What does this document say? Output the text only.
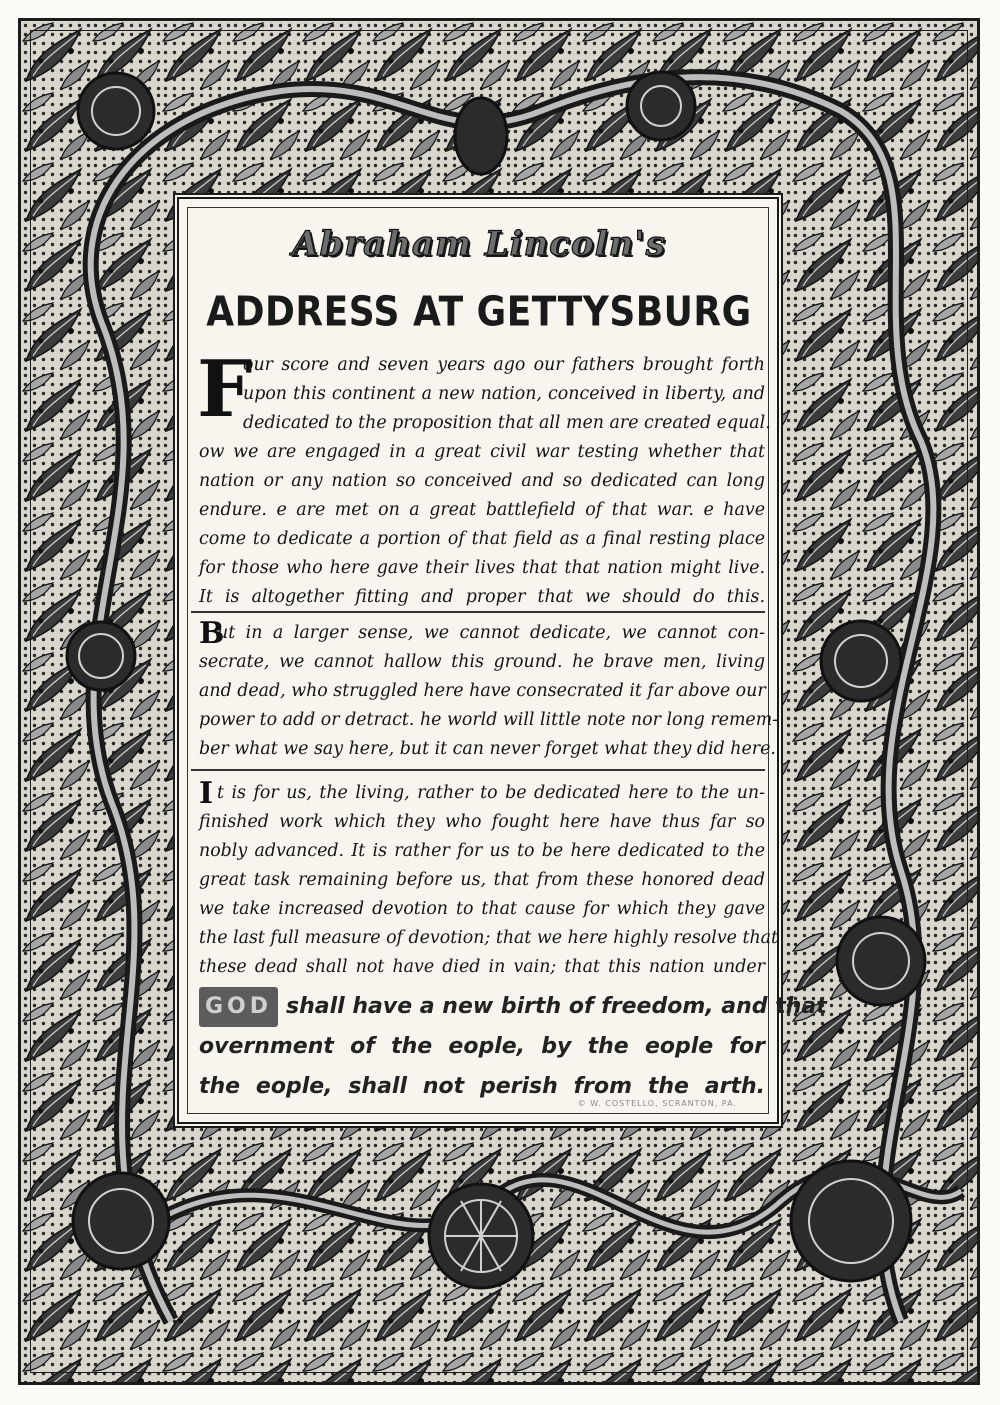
Abraham Lincoln's
ADDRESS AT GETTYSBURG
F
our score and seven years ago our fathers brought forth
upon this continent a new nation, conceived in liberty, and
dedicated to the proposition that all men are created equal.
ow we are engaged in a great civil war testing whether that
nation or any nation so conceived and so dedicated can long
endure. e are met on a great battlefield of that war. e have
come to dedicate a portion of that field as a final resting place
for those who here gave their lives that that nation might live.
It is altogether fitting and proper that we should do this.
B
ut in a larger sense, we cannot dedicate, we cannot con-
secrate, we cannot hallow this ground. he brave men, living
and dead, who struggled here have consecrated it far above our
power to add or detract. he world will little note nor long remem-
ber what we say here, but it can never forget what they did here.
I t is for us, the living, rather to be dedicated here to the un-
finished work which they who fought here have thus far so
nobly advanced. It is rather for us to be here dedicated to the
great task remaining before us, that from these honored dead
we take increased devotion to that cause for which they gave
the last full measure of devotion; that we here highly resolve that
these dead shall not have died in vain; that this nation under
GOD shall have a new birth of freedom, and that
overnment of the eople, by the eople for
the eople, shall not perish from the arth.
© W. COSTELLO, SCRANTON, PA.
